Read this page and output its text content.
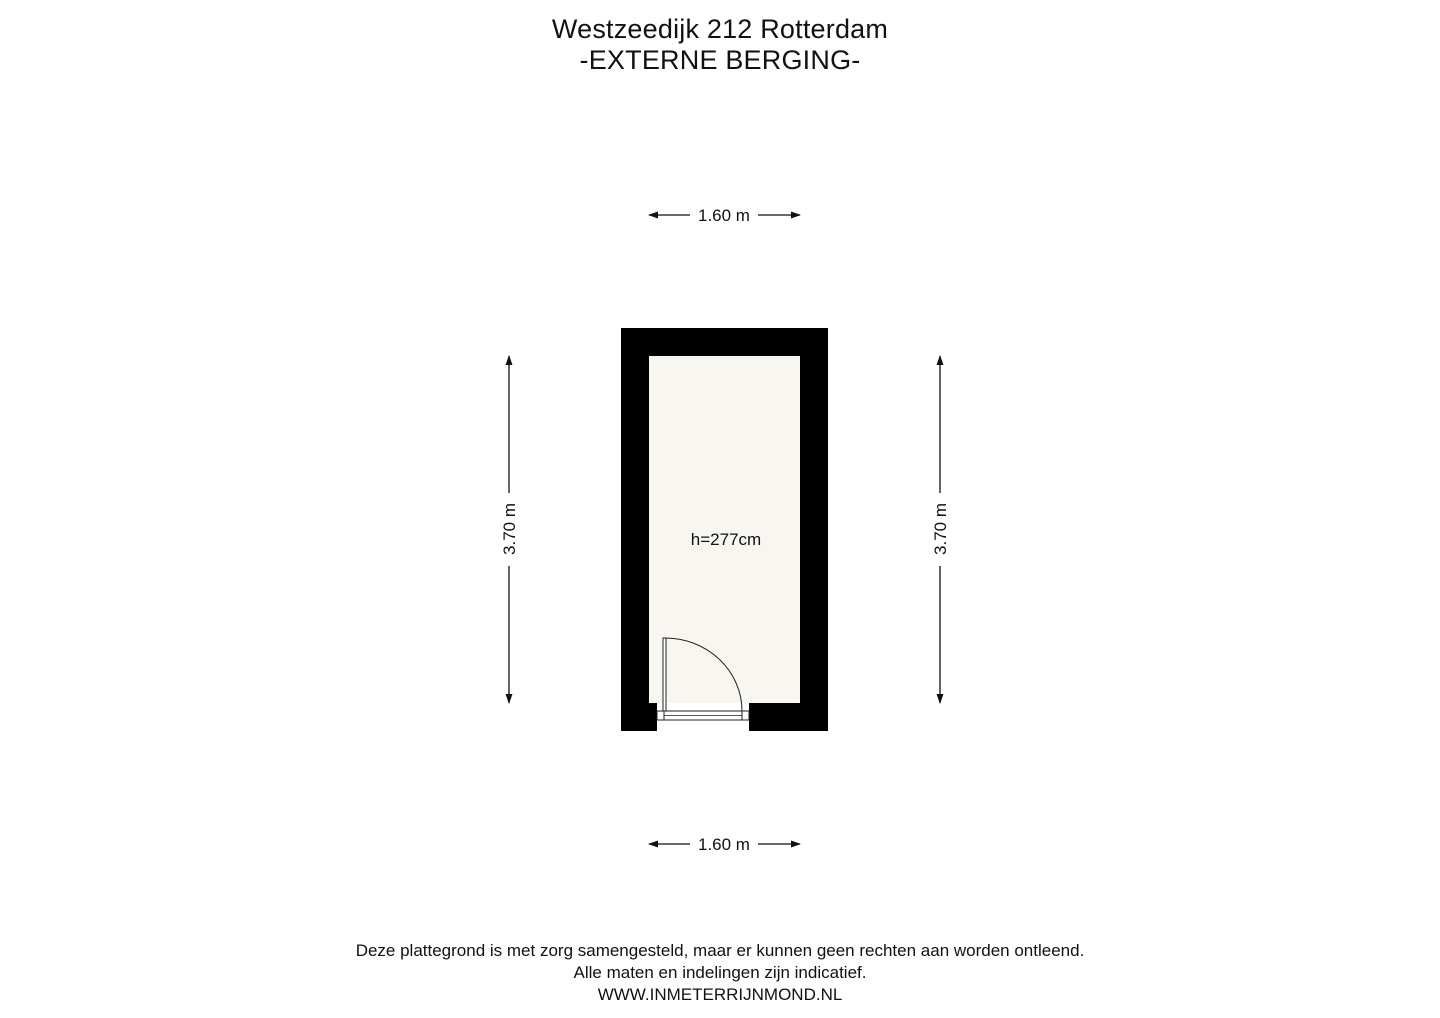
Westzeedijk 212 Rotterdam
-EXTERNE BERGING-
1.60 m
h=277cm
3.70 m	3.70 m
1.60 m
Deze plattegrond is met zorg samengesteld, maar er kunnen geen rechten aan worden ontleend.
Alle maten en indelingen zijn indicatief.
WWW.INMETERRIJNMOND.NL
